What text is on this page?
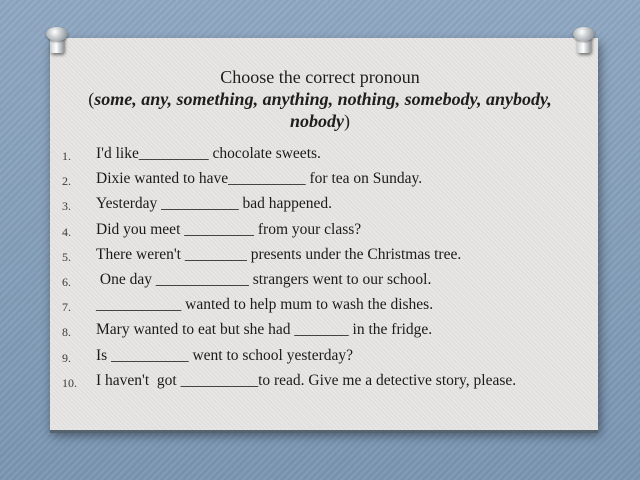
Choose the correct pronoun
(some, any, something, anything, nothing, somebody, anybody, nobody)
1.	I'd like_________ chocolate sweets.
2.	Dixie wanted to have__________ for tea on Sunday.
3.	Yesterday __________ bad happened.
4.	Did you meet _________ from your class?
5.	There weren't ________ presents under the Christmas tree.
6.	One day ____________ strangers went to our school.
7.	___________ wanted to help mum to wash the dishes.
8.	Mary wanted to eat but she had _______ in the fridge.
9.	Is __________ went to school yesterday?
10.	I haven't  got __________to read. Give me a detective story, please.
